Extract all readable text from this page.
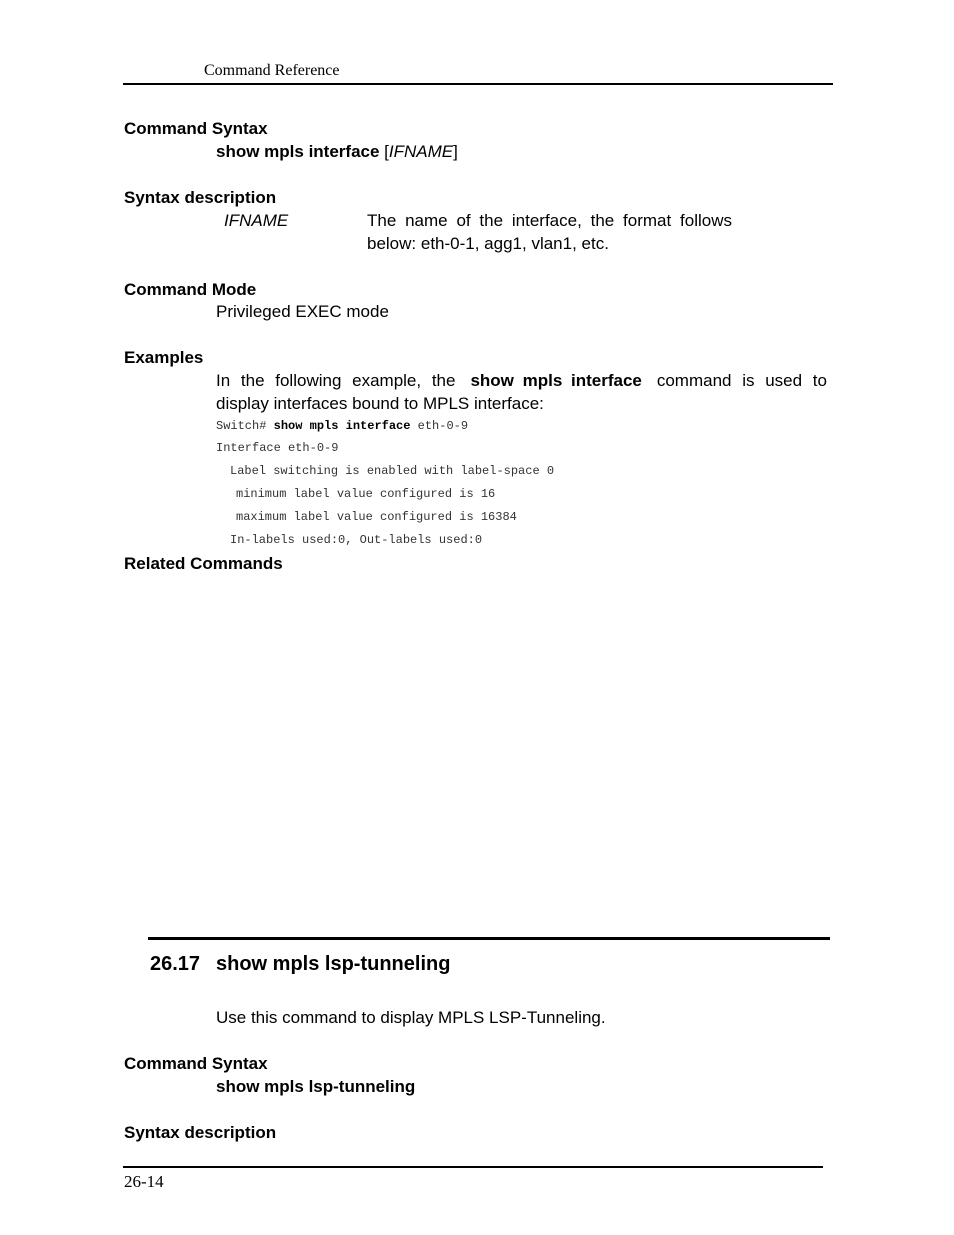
Command Reference
Command Syntax
show mpls interface [IFNAME]
Syntax description
IFNAME	The name of the interface, the format follows
below: eth-0-1, agg1, vlan1, etc.
Command Mode
Privileged EXEC mode
Examples
In the following example, the show mpls interface command is used to
display interfaces bound to MPLS interface:
Switch# show mpls interface eth-0-9
Interface eth-0-9
Label switching is enabled with label-space 0
minimum label value configured is 16
maximum label value configured is 16384
In-labels used:0, Out-labels used:0
Related Commands
26.17 show mpls lsp-tunneling
Use this command to display MPLS LSP-Tunneling.
Command Syntax
show mpls lsp-tunneling
Syntax description
26-14
